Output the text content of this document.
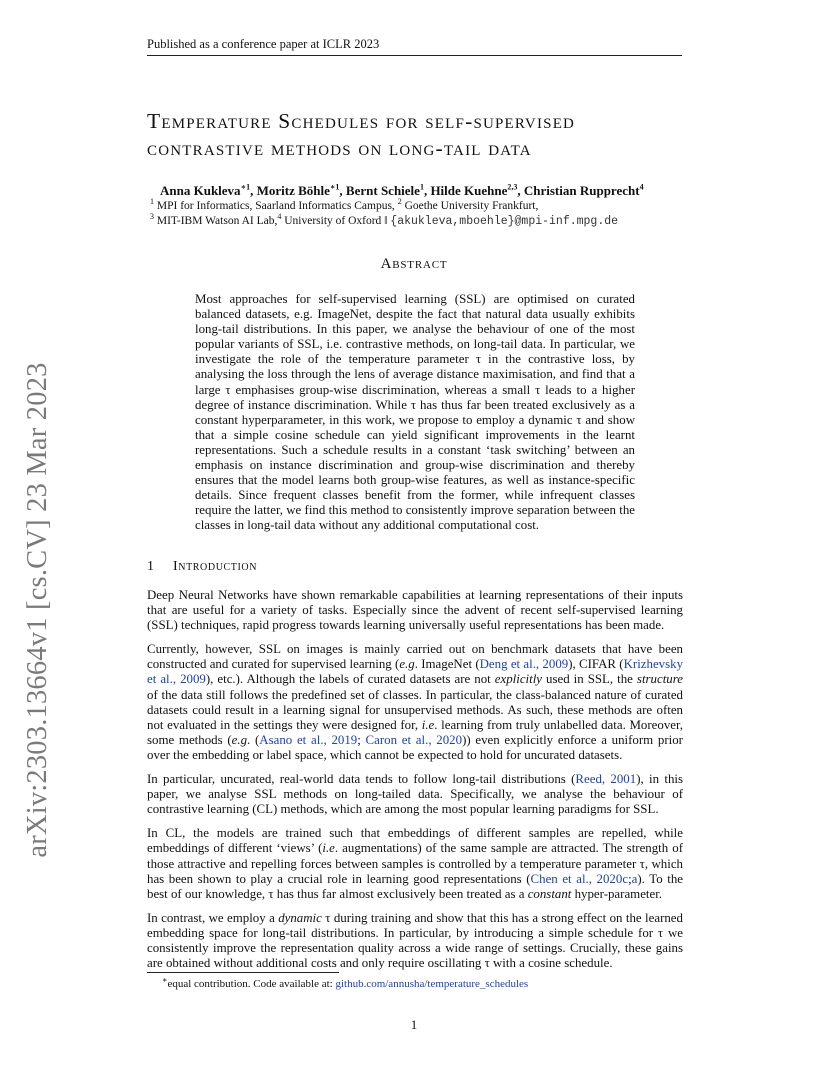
Published as a conference paper at ICLR 2023
arXiv:2303.13664v1 [cs.CV] 23 Mar 2023
Temperature Schedules for self-supervised
contrastive methods on long-tail data
Anna Kukleva$^{∗1}$, Moritz Böhle$^{∗1}$, Bernt Schiele$^1$, Hilde Kuehne$^{2,3}$, Christian Rupprecht$^4$
$^1$ MPI for Informatics, Saarland Informatics Campus, $^2$ Goethe University Frankfurt,
$^3$ MIT-IBM Watson AI Lab,$^4$ University of Oxford ‖ {akukleva,mboehle}@mpi-inf.mpg.de
Abstract

Most approaches for self-supervised learning (SSL) are optimised on curated balanced datasets, e.g. ImageNet, despite the fact that natural data usually exhibits long-tail distributions. In this paper, we analyse the behaviour of one of the most popular variants of SSL, i.e. contrastive methods, on long-tail data. In particular, we investigate the role of the temperature parameter τ in the contrastive loss, by analysing the loss through the lens of average distance maximisation, and find that a large τ emphasises group-wise discrimination, whereas a small τ leads to a higher degree of instance discrimination. While τ has thus far been treated exclusively as a constant hyperparameter, in this work, we propose to employ a dynamic τ and show that a simple cosine schedule can yield significant improvements in the learnt representations. Such a schedule results in a constant ‘task switching’ between an emphasis on instance discrimination and group-wise discrimination and thereby ensures that the model learns both group-wise features, as well as instance-specific details. Since frequent classes benefit from the former, while infrequent classes require the latter, we find this method to consistently improve separation between the classes in long-tail data without any additional computational cost.

1 Introduction

Deep Neural Networks have shown remarkable capabilities at learning representations of their inputs that are useful for a variety of tasks. Especially since the advent of recent self-supervised learning (SSL) techniques, rapid progress towards learning universally useful representations has been made.

Currently, however, SSL on images is mainly carried out on benchmark datasets that have been constructed and curated for supervised learning (e.g. ImageNet (Deng et al., 2009), CIFAR (Krizhevsky et al., 2009), etc.). Although the labels of curated datasets are not explicitly used in SSL, the structure of the data still follows the predefined set of classes. In particular, the class-balanced nature of curated datasets could result in a learning signal for unsupervised methods. As such, these methods are often not evaluated in the settings they were designed for, i.e. learning from truly unlabelled data. Moreover, some methods (e.g. (Asano et al., 2019; Caron et al., 2020)) even explicitly enforce a uniform prior over the embedding or label space, which cannot be expected to hold for uncurated datasets.

In particular, uncurated, real-world data tends to follow long-tail distributions (Reed, 2001), in this paper, we analyse SSL methods on long-tailed data. Specifically, we analyse the behaviour of contrastive learning (CL) methods, which are among the most popular learning paradigms for SSL.

In CL, the models are trained such that embeddings of different samples are repelled, while embeddings of different ‘views’ (i.e. augmentations) of the same sample are attracted. The strength of those attractive and repelling forces between samples is controlled by a temperature parameter τ, which has been shown to play a crucial role in learning good representations (Chen et al., 2020c;a). To the best of our knowledge, τ has thus far almost exclusively been treated as a constant hyper-parameter.

In contrast, we employ a dynamic τ during training and show that this has a strong effect on the learned embedding space for long-tail distributions. In particular, by introducing a simple schedule for τ we consistently improve the representation quality across a wide range of settings. Crucially, these gains are obtained without additional costs and only require oscillating τ with a cosine schedule.

∗equal contribution. Code available at: github.com/annusha/temperature_schedules
1
